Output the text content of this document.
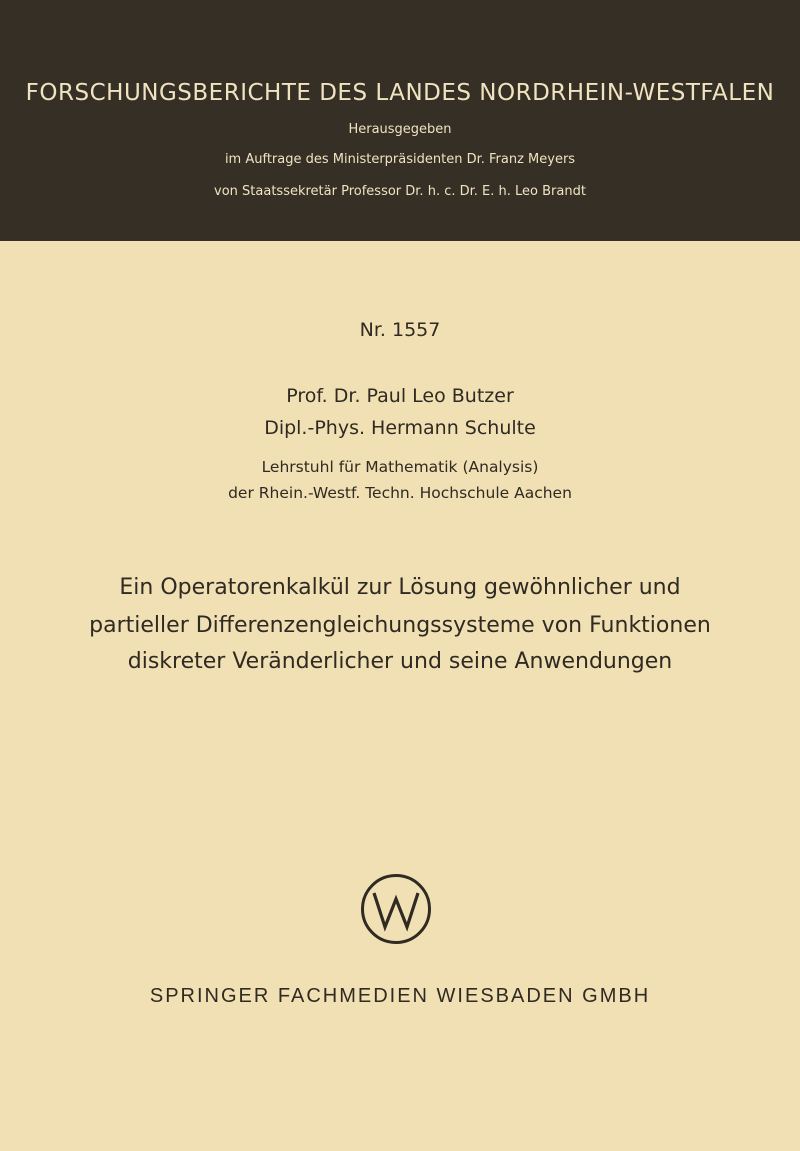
FORSCHUNGSBERICHTE DES LANDES NORDRHEIN-WESTFALEN
Herausgegeben
im Auftrage des Ministerpräsidenten Dr. Franz Meyers
von Staatssekretär Professor Dr. h. c. Dr. E. h. Leo Brandt
Nr. 1557
Prof. Dr. Paul Leo Butzer
Dipl.-Phys. Hermann Schulte
Lehrstuhl für Mathematik (Analysis)
der Rhein.-Westf. Techn. Hochschule Aachen
Ein Operatorenkalkül zur Lösung gewöhnlicher und
partieller Differenzengleichungssysteme von Funktionen
diskreter Veränderlicher und seine Anwendungen
SPRINGER FACHMEDIEN WIESBADEN GMBH
